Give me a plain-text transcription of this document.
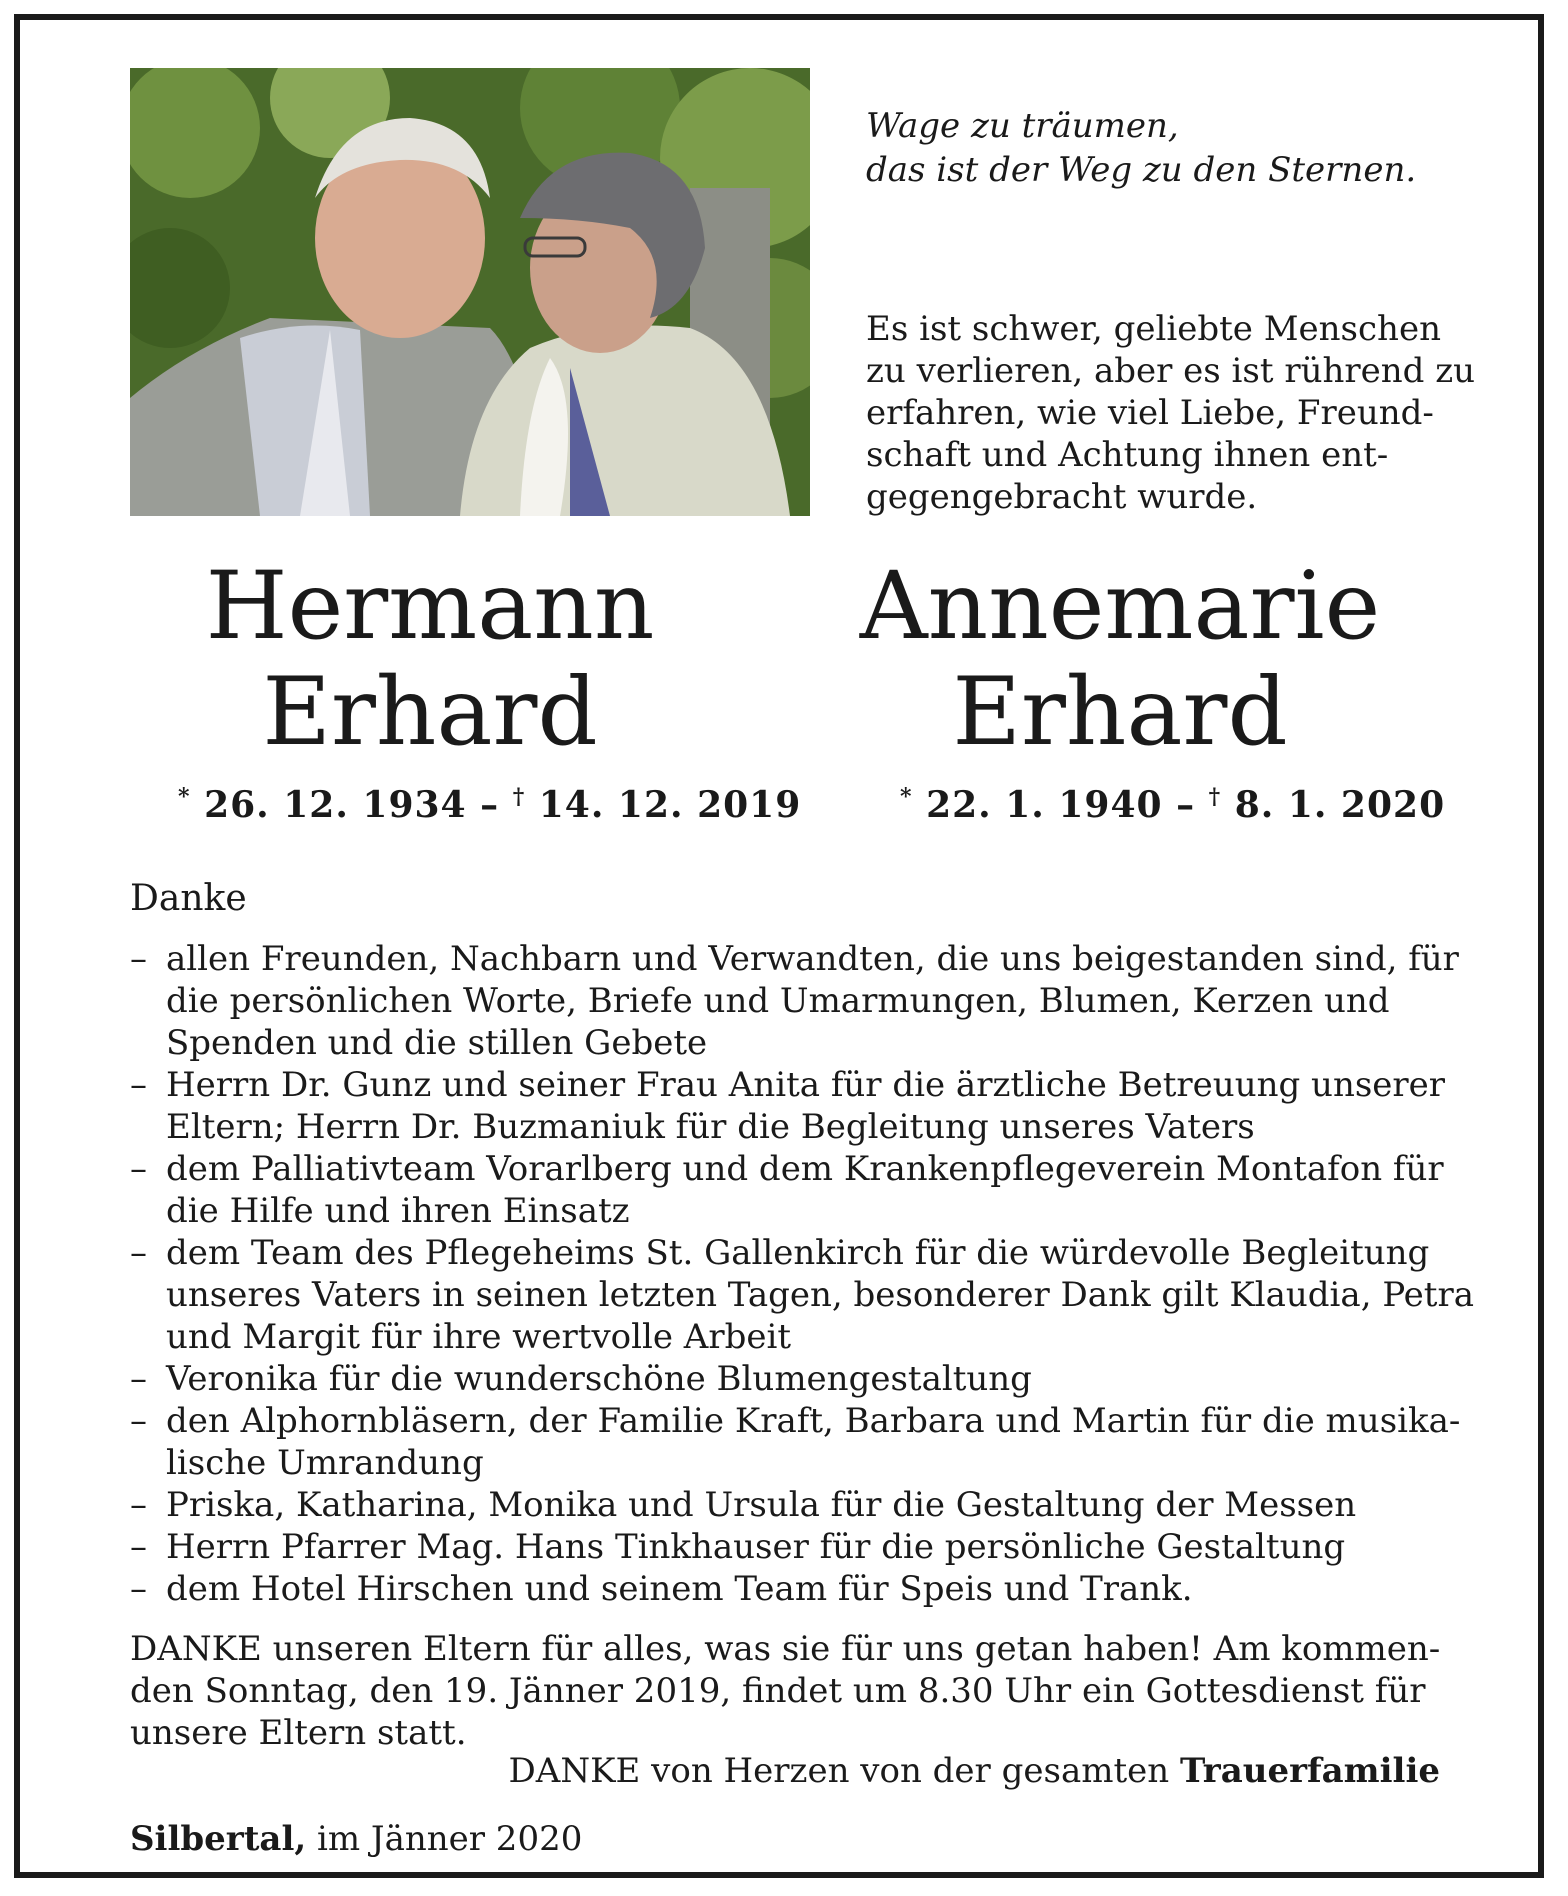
Wage zu träumen,
das ist der Weg zu den Sternen.
Es ist schwer, geliebte Menschen
zu verlieren, aber es ist rührend zu
erfahren, wie viel Liebe, Freund-
schaft und Achtung ihnen ent-
gegengebracht wurde.
Hermann
Erhard
Annemarie
Erhard
* 26. 12. 1934 – † 14. 12. 2019	* 22. 1. 1940 – † 8. 1. 2020
Danke
– allen Freunden, Nachbarn und Verwandten, die uns beigestanden sind, für
die persönlichen Worte, Briefe und Umarmungen, Blumen, Kerzen und
Spenden und die stillen Gebete
– Herrn Dr. Gunz und seiner Frau Anita für die ärztliche Betreuung unserer
Eltern; Herrn Dr. Buzmaniuk für die Begleitung unseres Vaters
– dem Palliativteam Vorarlberg und dem Krankenpflegeverein Montafon für
die Hilfe und ihren Einsatz
– dem Team des Pflegeheims St. Gallenkirch für die würdevolle Begleitung
unseres Vaters in seinen letzten Tagen, besonderer Dank gilt Klaudia, Petra
und Margit für ihre wertvolle Arbeit
– Veronika für die wunderschöne Blumengestaltung
– den Alphornbläsern, der Familie Kraft, Barbara und Martin für die musika-
lische Umrandung
– Priska, Katharina, Monika und Ursula für die Gestaltung der Messen
– Herrn Pfarrer Mag. Hans Tinkhauser für die persönliche Gestaltung
– dem Hotel Hirschen und seinem Team für Speis und Trank.
DANKE unseren Eltern für alles, was sie für uns getan haben! Am kommen-
den Sonntag, den 19. Jänner 2019, findet um 8.30 Uhr ein Gottesdienst für
unsere Eltern statt.
DANKE von Herzen von der gesamten Trauerfamilie
Silbertal, im Jänner 2020
